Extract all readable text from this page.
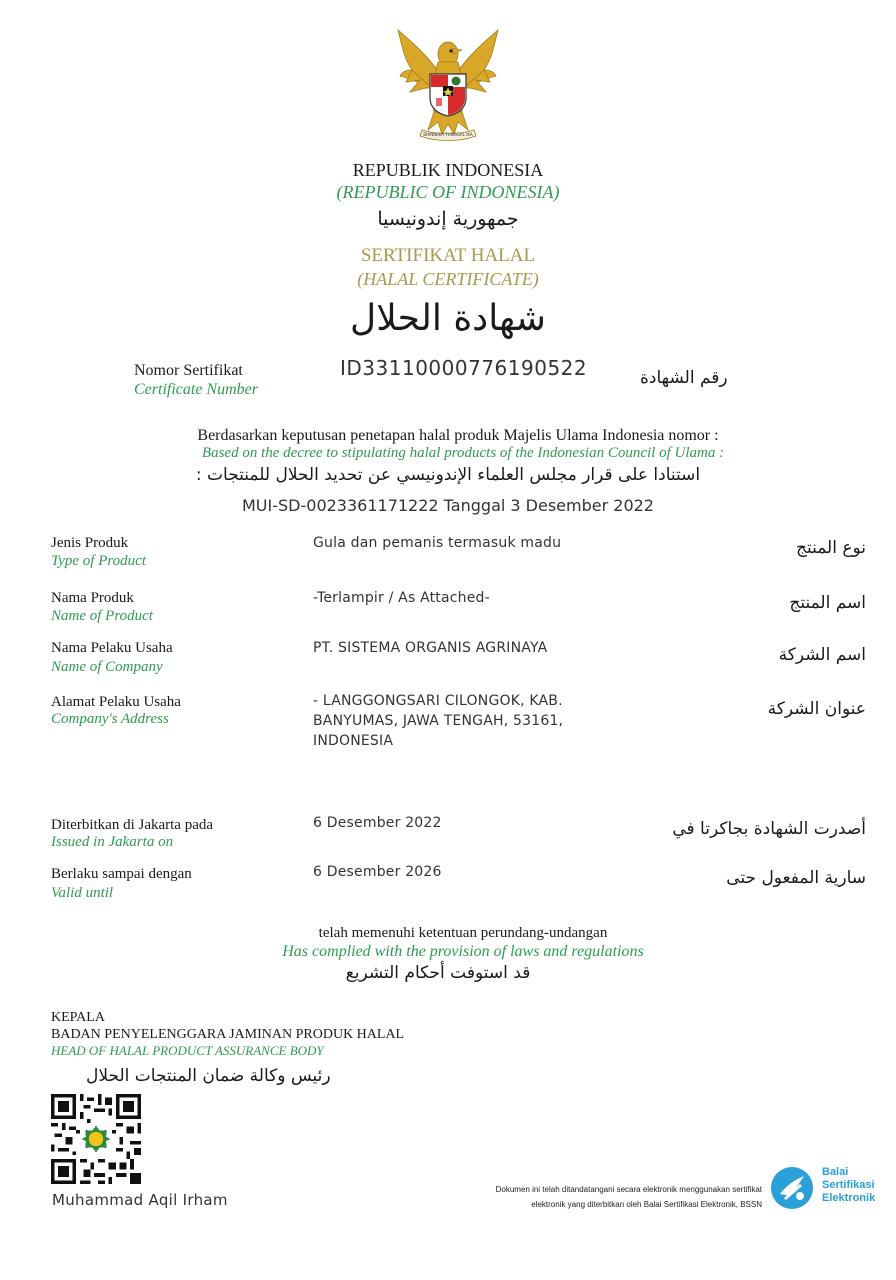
BHINNEKA TUNGGAL IKA
REPUBLIK INDONESIA
(REPUBLIC OF INDONESIA)
جمهورية إندونيسيا
SERTIFIKAT HALAL
(HALAL CERTIFICATE)
شهادة الحلال
Nomor Sertifikat
Certificate Number
ID33110000776190522	رقم الشهادة
Berdasarkan keputusan penetapan halal produk Majelis Ulama Indonesia nomor :
Based on the decree to stipulating halal products of the Indonesian Council of Ulama :
استنادا على قرار مجلس العلماء الإندونيسي عن تحديد الحلال للمنتجات :
MUI-SD-0023361171222 Tanggal 3 Desember 2022
Jenis Produk
Type of Product
Gula dan pemanis termasuk madu	نوع المنتج
Nama Produk
Name of Product
-Terlampir / As Attached-	اسم المنتج
Nama Pelaku Usaha
Name of Company
PT. SISTEMA ORGANIS AGRINAYA	اسم الشركة
Alamat Pelaku Usaha
Company's Address
- LANGGONGSARI CILONGOK, KAB.
BANYUMAS, JAWA TENGAH, 53161,
INDONESIA
عنوان الشركة
Diterbitkan di Jakarta pada
Issued in Jakarta on
6 Desember 2022	أصدرت الشهادة بجاكرتا في
Berlaku sampai dengan
Valid until
6 Desember 2026	سارية المفعول حتى
telah memenuhi ketentuan perundang-undangan
Has complied with the provision of laws and regulations
قد استوفت أحكام التشريع
KEPALA
BADAN PENYELENGGARA JAMINAN PRODUK HALAL
HEAD OF HALAL PRODUCT ASSURANCE BODY
رئيس وكالة ضمان المنتجات الحلال
Muhammad Aqil Irham
Dokumen ini telah ditandatangani secara elektronik menggunakan sertifikat
elektronik yang diterbitkan oleh Balai Sertifikasi Elektronik, BSSN
Balai
Sertifikasi
Elektronik
